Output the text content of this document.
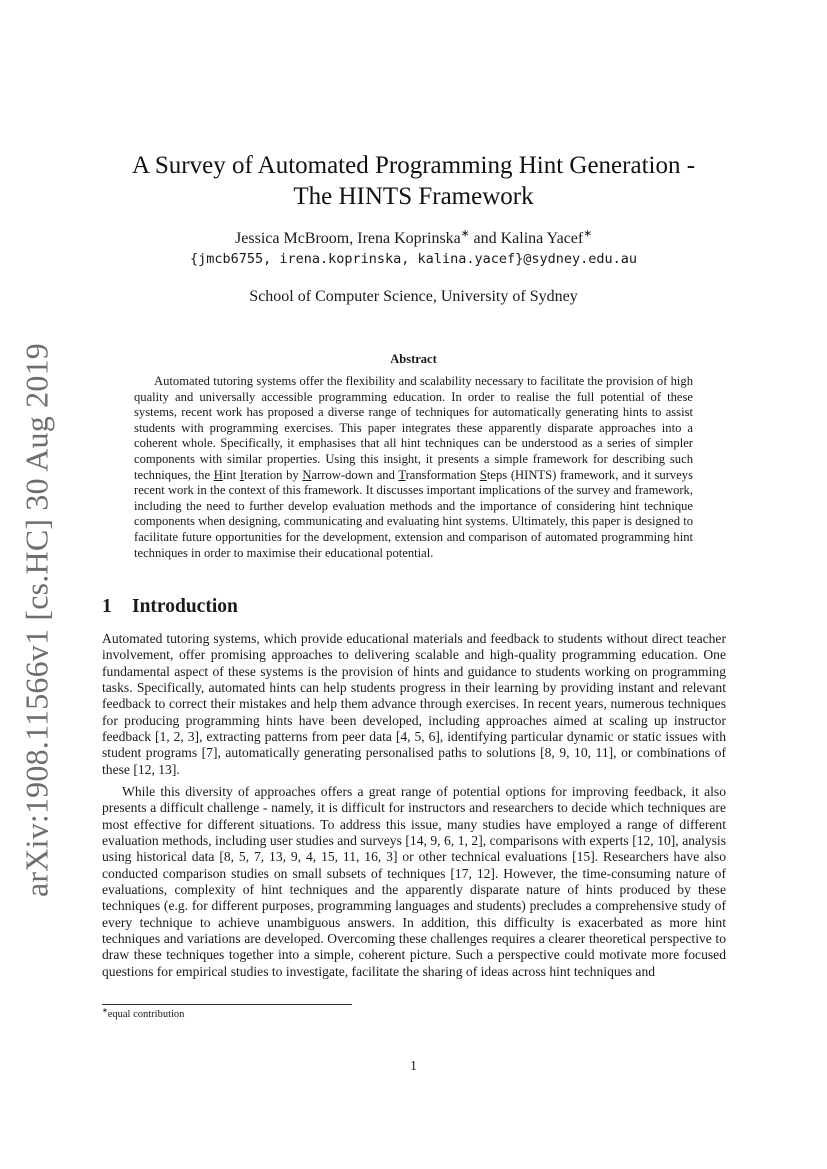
arXiv:1908.11566v1 [cs.HC] 30 Aug 2019
A Survey of Automated Programming Hint Generation -
The HINTS Framework
Jessica McBroom, Irena Koprinska∗ and Kalina Yacef∗
{jmcb6755, irena.koprinska, kalina.yacef}@sydney.edu.au
School of Computer Science, University of Sydney
Abstract

Automated tutoring systems offer the flexibility and scalability necessary to facilitate the provision of high quality and universally accessible programming education. In order to realise the full potential of these systems, recent work has proposed a diverse range of techniques for automatically generating hints to assist students with programming exercises. This paper integrates these apparently disparate approaches into a coherent whole. Specifically, it emphasises that all hint techniques can be understood as a series of simpler components with similar properties. Using this insight, it presents a simple framework for describing such techniques, the Hint Iteration by Narrow-down and Transformation Steps (HINTS) framework, and it surveys recent work in the context of this framework. It discusses important implications of the survey and framework, including the need to further develop evaluation methods and the importance of considering hint technique components when designing, communicating and evaluating hint systems. Ultimately, this paper is designed to facilitate future opportunities for the development, extension and comparison of automated programming hint techniques in order to maximise their educational potential.

1 Introduction

Automated tutoring systems, which provide educational materials and feedback to students without direct teacher involvement, offer promising approaches to delivering scalable and high-quality programming education. One fundamental aspect of these systems is the provision of hints and guidance to students working on programming tasks. Specifically, automated hints can help students progress in their learning by providing instant and relevant feedback to correct their mistakes and help them advance through exercises. In recent years, numerous techniques for producing programming hints have been developed, including approaches aimed at scaling up instructor feedback [1, 2, 3], extracting patterns from peer data [4, 5, 6], identifying particular dynamic or static issues with student programs [7], automatically generating personalised paths to solutions [8, 9, 10, 11], or combinations of these [12, 13].

While this diversity of approaches offers a great range of potential options for improving feedback, it also presents a difficult challenge - namely, it is difficult for instructors and researchers to decide which techniques are most effective for different situations. To address this issue, many studies have employed a range of different evaluation methods, including user studies and surveys [14, 9, 6, 1, 2], comparisons with experts [12, 10], analysis using historical data [8, 5, 7, 13, 9, 4, 15, 11, 16, 3] or other technical evaluations [15]. Researchers have also conducted comparison studies on small subsets of techniques [17, 12]. However, the time-consuming nature of evaluations, complexity of hint techniques and the apparently disparate nature of hints produced by these techniques (e.g. for different purposes, programming languages and students) precludes a comprehensive study of every technique to achieve unambiguous answers. In addition, this difficulty is exacerbated as more hint techniques and variations are developed. Overcoming these challenges requires a clearer theoretical perspective to draw these techniques together into a simple, coherent picture. Such a perspective could motivate more focused questions for empirical studies to investigate, facilitate the sharing of ideas across hint techniques and

∗equal contribution
1
